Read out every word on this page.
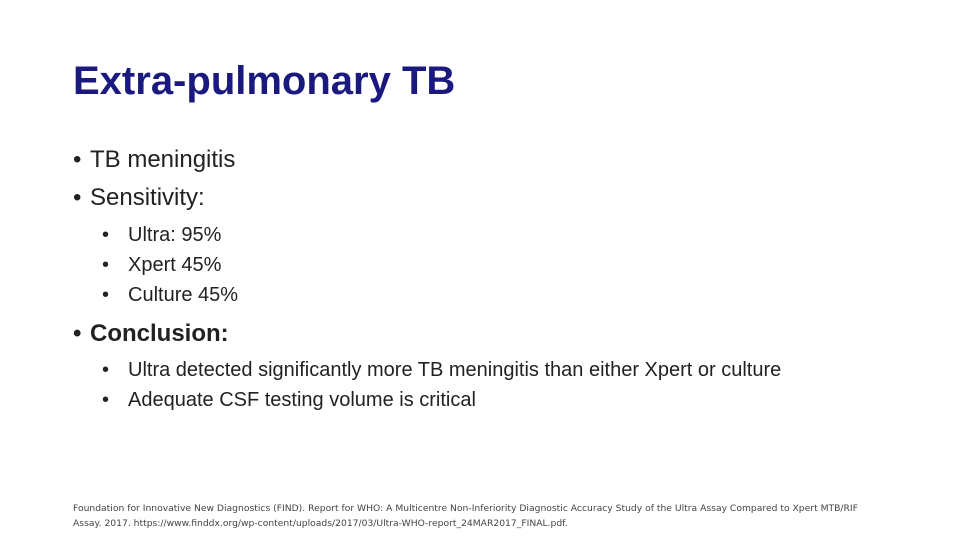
Extra-pulmonary TB
• TB meningitis
• Sensitivity:
• Ultra: 95%
• Xpert 45%
• Culture 45%
• Conclusion:
• Ultra detected significantly more TB meningitis than either Xpert or culture
• Adequate CSF testing volume is critical
Foundation for Innovative New Diagnostics (FIND). Report for WHO: A Multicentre Non-Inferiority Diagnostic Accuracy Study of the Ultra Assay Compared to Xpert MTB/RIF Assay. 2017. https://www.finddx.org/wp-content/uploads/2017/03/Ultra-WHO-report_24MAR2017_FINAL.pdf.
